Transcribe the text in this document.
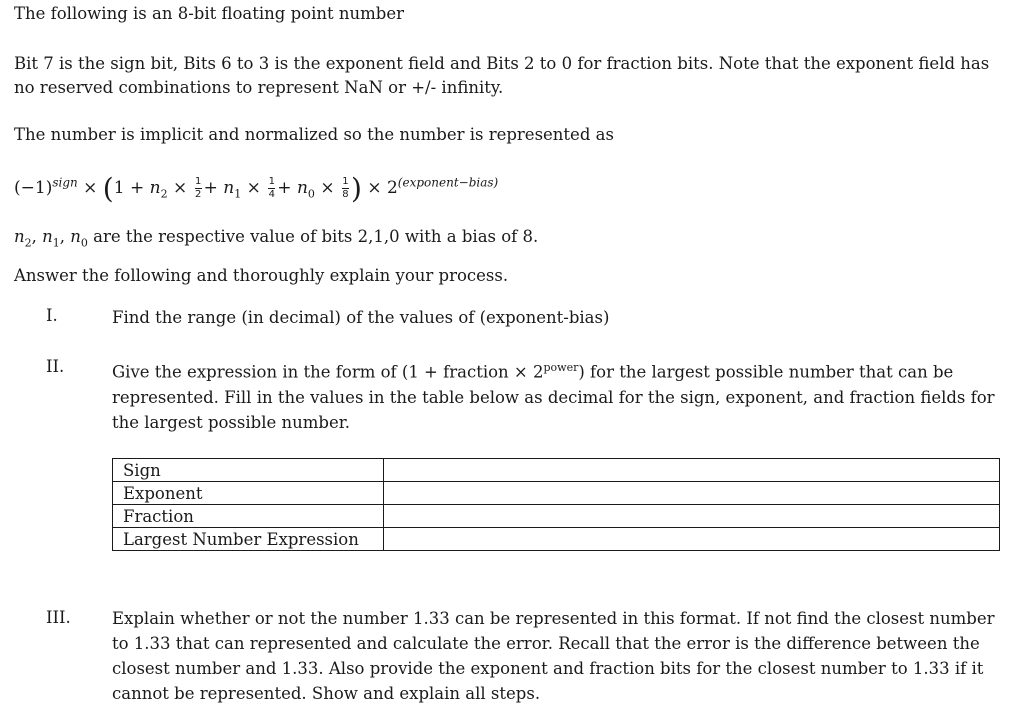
The following is an 8-bit floating point number
Bit 7 is the sign bit, Bits 6 to 3 is the exponent field and Bits 2 to 0 for fraction bits. Note that the exponent field has no reserved combinations to represent NaN or +/- infinity.
The number is implicit and normalized so the number is represented as
$(-1)^{sign} \times (1 + n_2 \times \frac{1}{2} + n_1 \times \frac{1}{4} + n_0 \times \frac{1}{8}$ ) × $2^{(exponent-bias)}$
$n_2$, $n_1$, $n_0$ are the respective value of bits 2,1,0 with a bias of 8.
Answer the following and thoroughly explain your process.
I.	Find the range (in decimal) of the values of (exponent-bias)
II.	Give the expression in the form of (1 + fraction × $2^{power}$) for the largest possible number that can be represented. Fill in the values in the table below as decimal for the sign, exponent, and fraction fields for the largest possible number.
Sign	
Exponent	
Fraction	
Largest Number Expression	
III. Explain whether or not the number 1.33 can be represented in this format. If not find the closest number to 1.33 that can represented and calculate the error. Recall that the error is the difference between the closest number and 1.33. Also provide the exponent and fraction bits for the closest number to 1.33 if it cannot be represented. Show and explain all steps.
